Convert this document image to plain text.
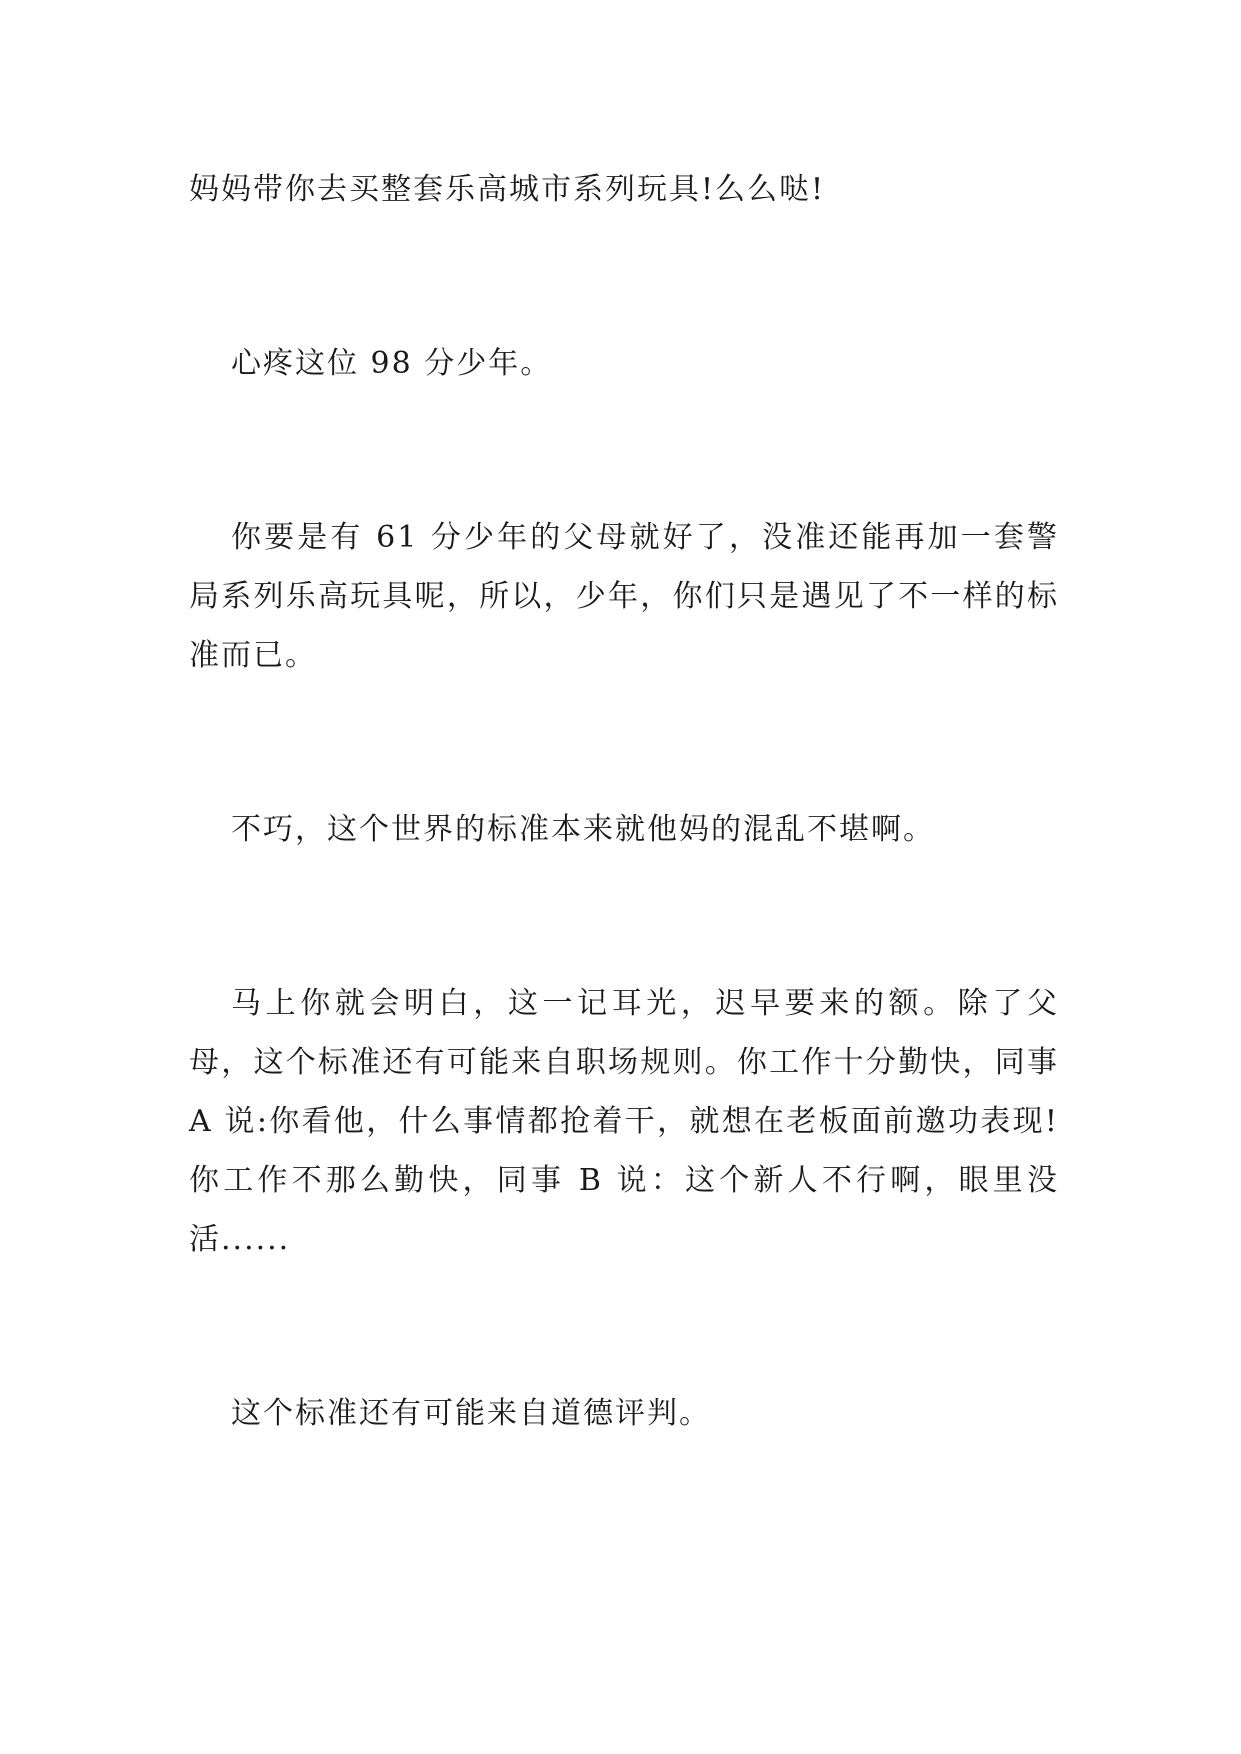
妈妈带你去买整套乐高城市系列玩具!么么哒!

心疼这位 98 分少年。

你要是有 61 分少年的父母就好了，没准还能再加一套警局系列乐高玩具呢，所以，少年，你们只是遇见了不一样的标准而已。

不巧，这个世界的标准本来就他妈的混乱不堪啊。

马上你就会明白，这一记耳光，迟早要来的额。除了父母，这个标准还有可能来自职场规则。你工作十分勤快，同事 A 说:你看他，什么事情都抢着干，就想在老板面前邀功表现!你工作不那么勤快，同事 B 说：这个新人不行啊，眼里没活......

这个标准还有可能来自道德评判。
